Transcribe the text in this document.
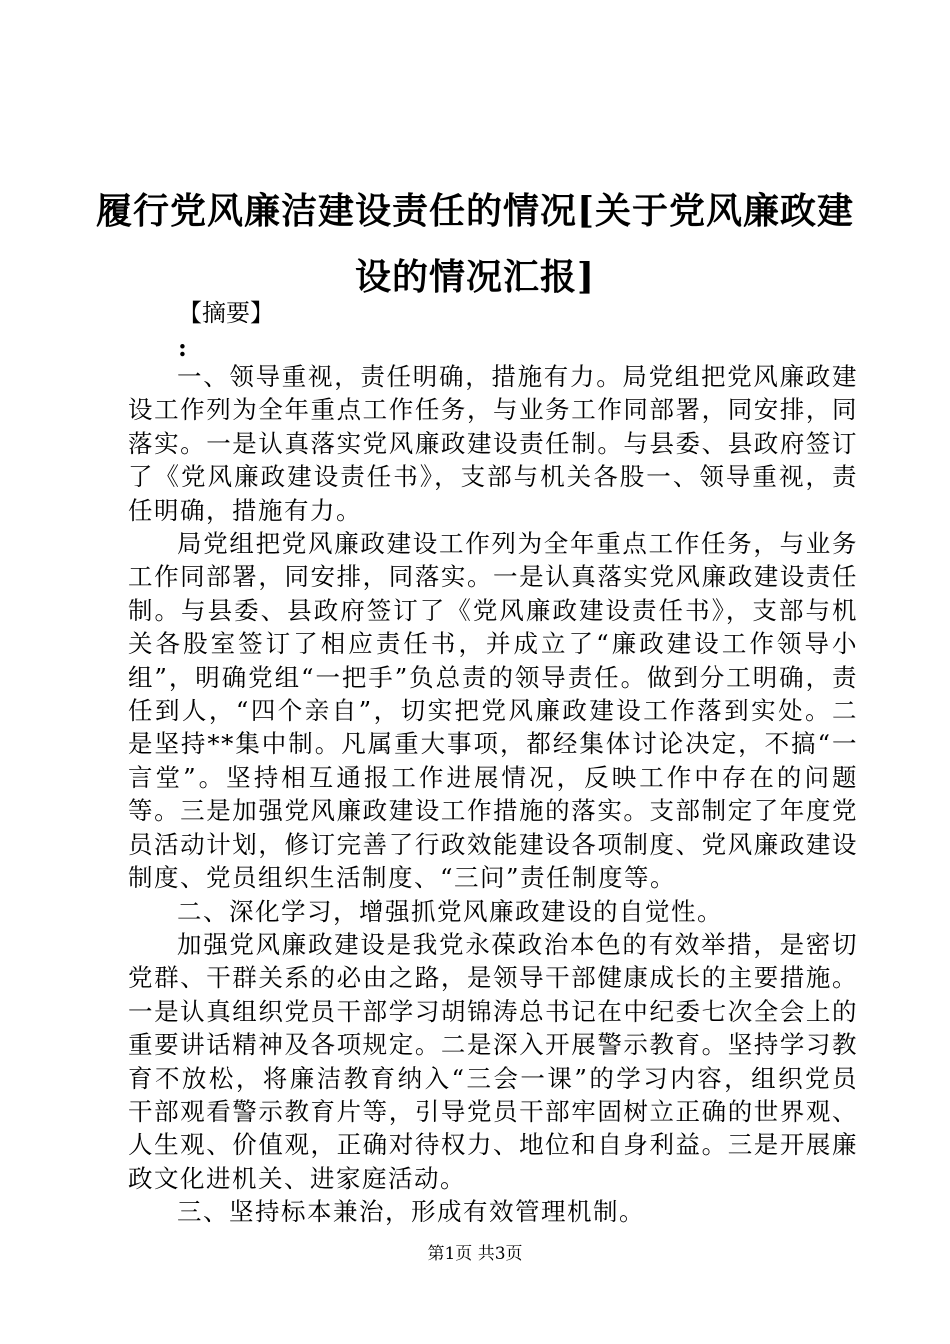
履行党风廉洁建设责任的情况[关于党风廉政建设的情况汇报]
【摘要】
:

一、领导重视，责任明确，措施有力。局党组把党风廉政建设工作列为全年重点工作任务，与业务工作同部署，同安排，同落实。一是认真落实党风廉政建设责任制。与县委、县政府签订了《党风廉政建设责任书》，支部与机关各股一、领导重视，责任明确，措施有力。

局党组把党风廉政建设工作列为全年重点工作任务，与业务工作同部署，同安排，同落实。一是认真落实党风廉政建设责任制。与县委、县政府签订了《党风廉政建设责任书》，支部与机关各股室签订了相应责任书，并成立了“廉政建设工作领导小组”，明确党组“一把手”负总责的领导责任。做到分工明确，责任到人，“四个亲自”，切实把党风廉政建设工作落到实处。二是坚持**集中制。凡属重大事项，都经集体讨论决定，不搞“一言堂”。坚持相互通报工作进展情况，反映工作中存在的问题等。三是加强党风廉政建设工作措施的落实。支部制定了年度党员活动计划，修订完善了行政效能建设各项制度、党风廉政建设制度、党员组织生活制度、“三问”责任制度等。

二、深化学习，增强抓党风廉政建设的自觉性。

加强党风廉政建设是我党永葆政治本色的有效举措，是密切党群、干群关系的必由之路，是领导干部健康成长的主要措施。一是认真组织党员干部学习胡锦涛总书记在中纪委七次全会上的重要讲话精神及各项规定。二是深入开展警示教育。坚持学习教育不放松，将廉洁教育纳入“三会一课”的学习内容，组织党员干部观看警示教育片等，引导党员干部牢固树立正确的世界观、人生观、价值观，正确对待权力、地位和自身利益。三是开展廉政文化进机关、进家庭活动。

三、坚持标本兼治，形成有效管理机制。

第1页 共3页
